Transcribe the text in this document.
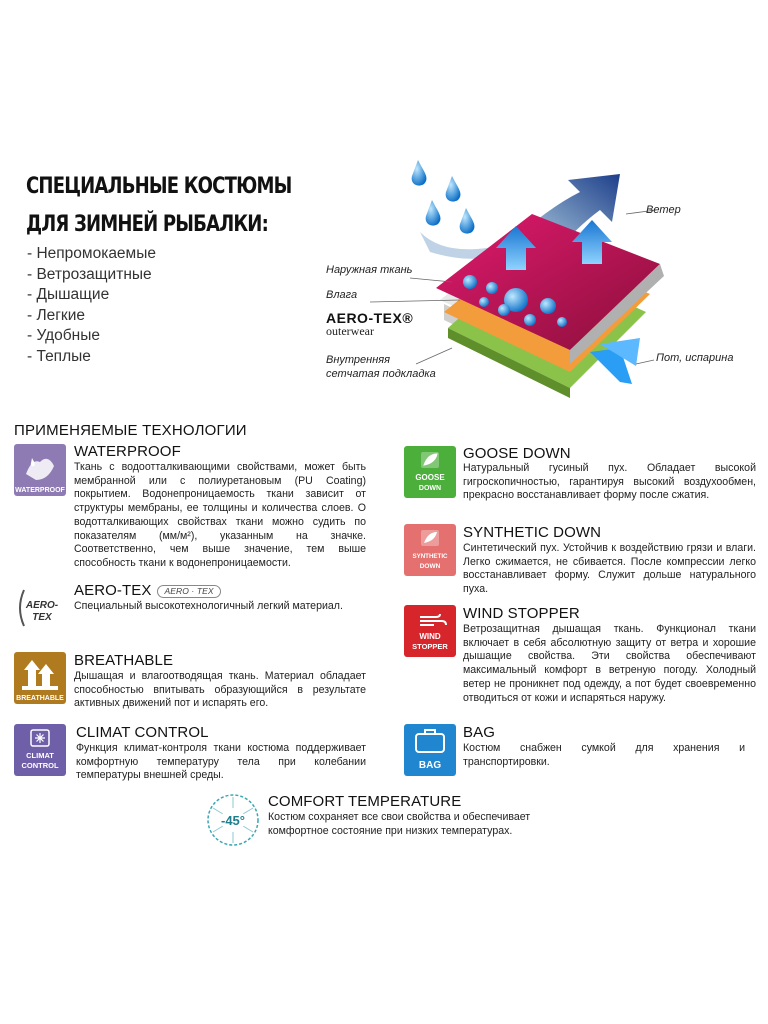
СПЕЦИАЛЬНЫЕ КОСТЮМЫ
ДЛЯ ЗИМНЕЙ РЫБАЛКИ:
- Непромокаемые
- Ветрозащитные
- Дышащие
- Легкие
- Удобные
- Теплые
Ветер
Наружная ткань
Влага
AERO-TEX®
outerwear
Внутренняя
сетчатая подкладка
Пот, испарина
ПРИМЕНЯЕМЫЕ ТЕХНОЛОГИИ
WATERPROOF
WATERPROOF
Ткань с водоотталкивающими свойствами, может быть мембранной или с полиуретановым (PU Coating) покрытием. Водонепроницаемость ткани зависит от структуры мембраны, ее толщины и количества слоев. О водотталкивающих свойствах ткани можно судить по показателям (мм/м²), указанным на значке. Соответственно, чем выше значение, тем выше способность ткани к водонепроницаемости.
AERO-
TEX
AERO-TEX AERO · TEX
Специальный высокотехнологичный легкий материал.
BREATHABLE
BREATHABLE
Дышащая и влагоотводящая ткань. Материал обладает способностью впитывать образующийся в результате активных движений пот и испарять его.
CLIMAT
CONTROL
CLIMAT CONTROL
Функция климат-контроля ткани костюма поддерживает комфортную температуру тела при колебании температуры внешней среды.
GOOSE
DOWN
GOOSE DOWN
Натуральный гусиный пух. Обладает высокой гигроскопичностью, гарантируя высокий воздухообмен, прекрасно восстанавливает форму после сжатия.
SYNTHETIC
DOWN
SYNTHETIC DOWN
Синтетический пух. Устойчив к воздействию грязи и влаги. Легко сжимается, не сбивается. После компрессии легко восстанавливает форму. Служит дольше натурального пуха.
WIND
STOPPER
WIND STOPPER
Ветрозащитная дышащая ткань. Функционал ткани включает в себя абсолютную защиту от ветра и хорошие дышащие свойства. Эти свойства обеспечивают максимальный комфорт в ветреную погоду. Холодный ветер не проникнет под одежду, а пот будет своевременно отводиться от кожи и испаряться наружу.
BAG
BAG
Костюм снабжен сумкой для хранения и транспортировки.
-45°
COMFORT TEMPERATURE
Костюм сохраняет все свои свойства и обеспечивает комфортное состояние при низких температурах.
